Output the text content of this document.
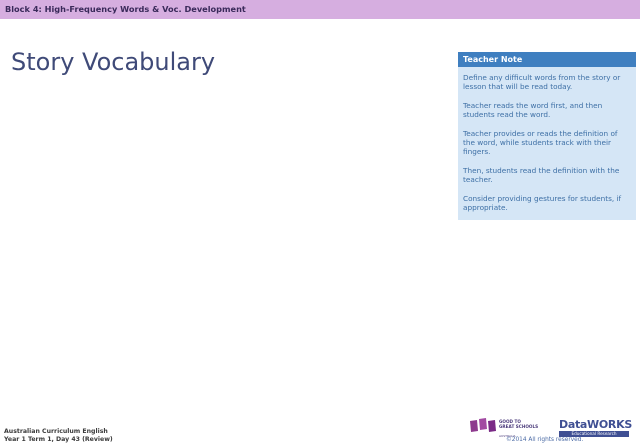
Block 4: High-Frequency Words & Voc. Development
Story Vocabulary	Teacher Note

Define any difficult words from the story or lesson that will be read today.

Teacher reads the word first, and then students read the word.

Teacher provides or reads the definition of the word, while students track with their fingers.

Then, students read the definition with the teacher.

Consider providing gestures for students, if appropriate.

Australian Curriculum English
Year 1 Term 1, Day 43 (Review)
GOOD TO
GREAT SCHOOLS
AUSTRALIA
DataWORKS
Educational Research
©2014 All rights reserved.
